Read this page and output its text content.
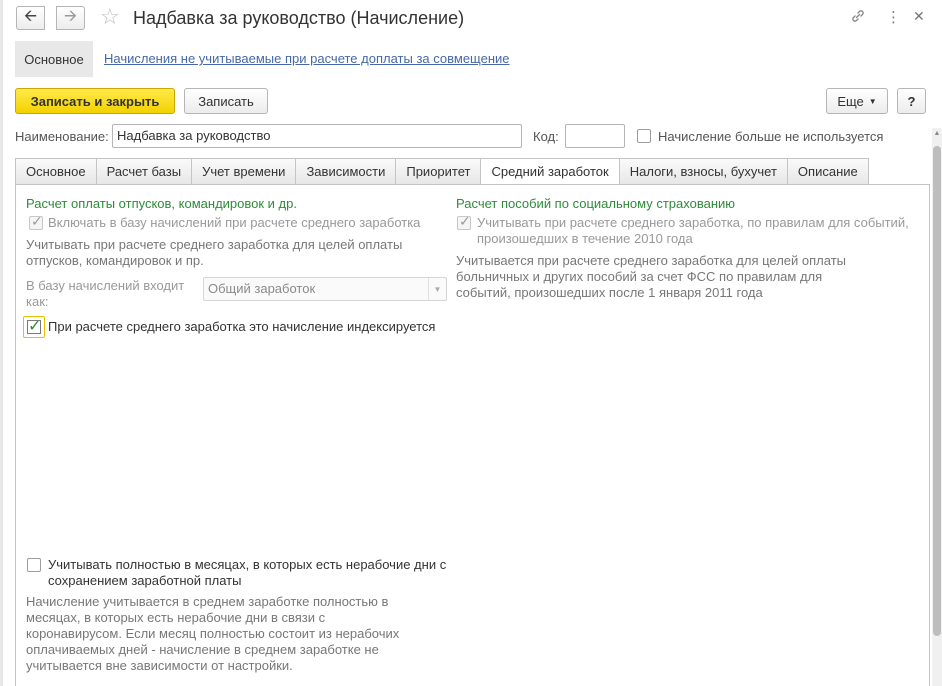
🡨 🡪 ☆ Надбавка за руководство (Начисление)	⋮ ✕
Основное	Начисления не учитываемые при расчете доплаты за совмещение
Записать и закрыть	Записать	Еще ▼	?
Наименование: Надбавка за руководство	Код:	Начисление больше не используется
Основное	Расчет базы	Учет времени	Зависимости	Приоритет	Средний заработок	Налоги, взносы, бухучет	Описание
Расчет оплаты отпусков, командировок и др.
✓ Включать в базу начислений при расчете среднего заработка
Учитывать при расчете среднего заработка для целей оплаты
отпусков, командировок и пр.
В базу начислений входит
как:
Общий заработок	▼
✓ При расчете среднего заработка это начисление индексируется
Расчет пособий по социальному страхованию
✓ Учитывать при расчете среднего заработка, по правилам для событий,
произошедших в течение 2010 года
Учитывается при расчете среднего заработка для целей оплаты
больничных и других пособий за счет ФСС по правилам для
событий, произошедших после 1 января 2011 года
Учитывать полностью в месяцах, в которых есть нерабочие дни с
сохранением заработной платы
Начисление учитывается в среднем заработке полностью в
месяцах, в которых есть нерабочие дни в связи с
коронавирусом. Если месяц полностью состоит из нерабочих
оплачиваемых дней - начисление в среднем заработке не
учитывается вне зависимости от настройки.
▲
